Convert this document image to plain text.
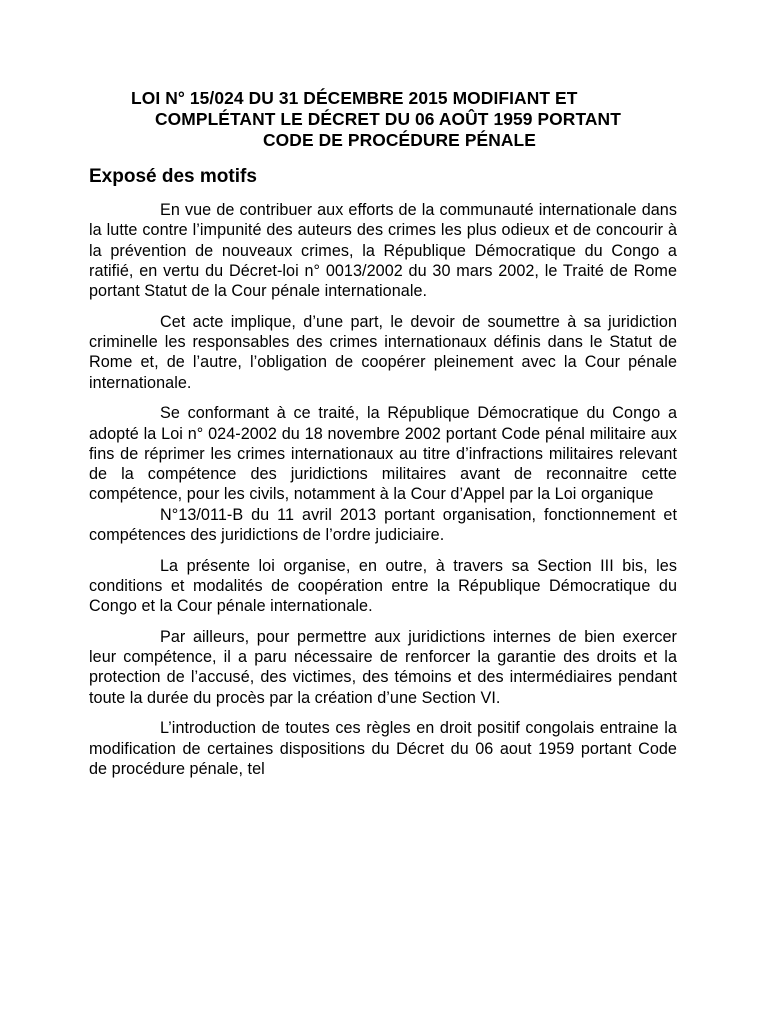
LOI N° 15/024 DU 31 DÉCEMBRE 2015 MODIFIANT ET
COMPLÉTANT LE DÉCRET DU 06 AOÛT 1959 PORTANT
CODE DE PROCÉDURE PÉNALE
Exposé des motifs

En vue de contribuer aux efforts de la communauté internationale dans la lutte contre l’impunité des auteurs des crimes les plus odieux et de concourir à la prévention de nouveaux crimes, la République Démocratique du Congo a ratifié, en vertu du Décret-loi n° 0013/2002 du 30 mars 2002, le Traité de Rome portant Statut de la Cour pénale internationale.

Cet acte implique, d’une part, le devoir de soumettre à sa juridiction criminelle les responsables des crimes internationaux définis dans le Statut de Rome et, de l’autre, l’obligation de coopérer pleinement avec la Cour pénale internationale.

Se conformant à ce traité, la République Démocratique du Congo a adopté la Loi n° 024-2002 du 18 novembre 2002 portant Code pénal militaire aux fins de réprimer les crimes internationaux au titre d’infractions militaires relevant de la compétence des juridictions militaires avant de reconnaitre cette compétence, pour les civils, notamment à la Cour d’Appel par la Loi organique

N°13/011-B du 11 avril 2013 portant organisation, fonctionnement et compétences des juridictions de l’ordre judiciaire.

La présente loi organise, en outre, à travers sa Section III bis, les conditions et modalités de coopération entre la République Démocratique du Congo et la Cour pénale internationale.

Par ailleurs, pour permettre aux juridictions internes de bien exercer leur compétence, il a paru nécessaire de renforcer la garantie des droits et la protection de l’accusé, des victimes, des témoins et des intermédiaires pendant toute la durée du procès par la création d’une Section VI.

L’introduction de toutes ces règles en droit positif congolais entraine la modification de certaines dispositions du Décret du 06 aout 1959 portant Code de procédure pénale, tel
